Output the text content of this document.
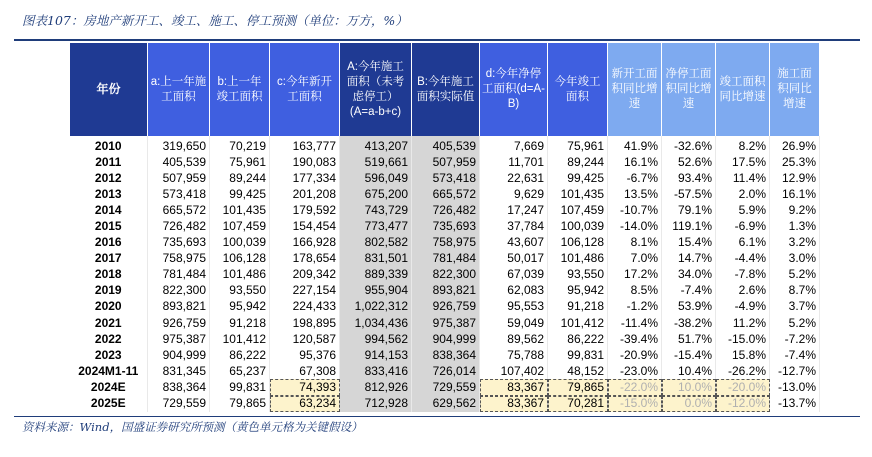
图表107：房地产新开工、竣工、施工、停工预测（单位：万方，%）
年份	a:上一年施工面积	b:上一年竣工面积	c:今年新开工面积	A:今年施工面积（未考虑停工）(A=a-b+c)	B:今年施工面积实际值	d:今年净停工面积(d=A-B)	今年竣工面积	新开工面积同比增速	净停工面积同比增速	竣工面积同比增速	施工面积同比增速
2010	319,650	70,219	163,777	413,207	405,539	7,669	75,961	41.9%	-32.6%	8.2%	26.9%
2011	405,539	75,961	190,083	519,661	507,959	11,701	89,244	16.1%	52.6%	17.5%	25.3%
2012	507,959	89,244	177,334	596,049	573,418	22,631	99,425	-6.7%	93.4%	11.4%	12.9%
2013	573,418	99,425	201,208	675,200	665,572	9,629	101,435	13.5%	-57.5%	2.0%	16.1%
2014	665,572	101,435	179,592	743,729	726,482	17,247	107,459	-10.7%	79.1%	5.9%	9.2%
2015	726,482	107,459	154,454	773,477	735,693	37,784	100,039	-14.0%	119.1%	-6.9%	1.3%
2016	735,693	100,039	166,928	802,582	758,975	43,607	106,128	8.1%	15.4%	6.1%	3.2%
2017	758,975	106,128	178,654	831,501	781,484	50,017	101,486	7.0%	14.7%	-4.4%	3.0%
2018	781,484	101,486	209,342	889,339	822,300	67,039	93,550	17.2%	34.0%	-7.8%	5.2%
2019	822,300	93,550	227,154	955,904	893,821	62,083	95,942	8.5%	-7.4%	2.6%	8.7%
2020	893,821	95,942	224,433	1,022,312	926,759	95,553	91,218	-1.2%	53.9%	-4.9%	3.7%
2021	926,759	91,218	198,895	1,034,436	975,387	59,049	101,412	-11.4%	-38.2%	11.2%	5.2%
2022	975,387	101,412	120,587	994,562	904,999	89,562	86,222	-39.4%	51.7%	-15.0%	-7.2%
2023	904,999	86,222	95,376	914,153	838,364	75,788	99,831	-20.9%	-15.4%	15.8%	-7.4%
2024M1-11	831,345	65,237	67,308	833,416	726,014	107,402	48,152	-23.0%	10.4%	-26.2%	-12.7%
2024E	838,364	99,831	74,393	812,926	729,559	83,367	79,865	-22.0%	10.0%	-20.0%	-13.0%
2025E	729,559	79,865	63,234	712,928	629,562	83,367	70,281	-15.0%	0.0%	-12.0%	-13.7%
资料来源：Wind，国盛证券研究所预测（黄色单元格为关键假设）
